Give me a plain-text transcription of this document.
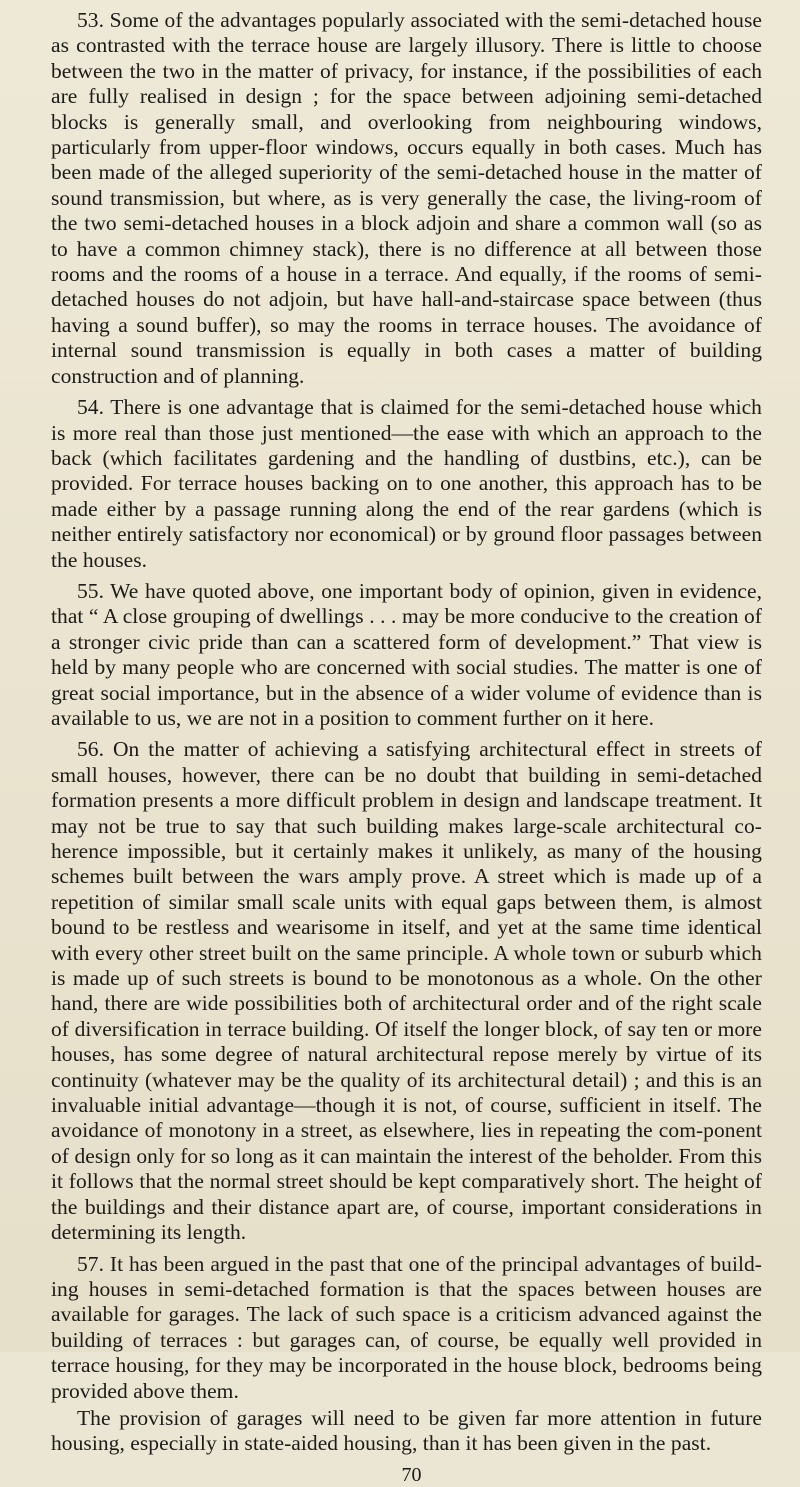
53. Some of the advantages popularly associated with the semi-detached house as contrasted with the terrace house are largely illusory. There is little to choose between the two in the matter of privacy, for instance, if the possibilities of each are fully realised in design ; for the space between adjoining semi-detached blocks is generally small, and overlooking from neighbouring windows, particularly from upper-floor windows, occurs equally in both cases. Much has been made of the alleged superiority of the semi-detached house in the matter of sound transmission, but where, as is very generally the case, the living-room of the two semi-detached houses in a block adjoin and share a common wall (so as to have a common chimney stack), there is no difference at all between those rooms and the rooms of a house in a terrace. And equally, if the rooms of semi-detached houses do not adjoin, but have hall-and-staircase space between (thus having a sound buffer), so may the rooms in terrace houses. The avoidance of internal sound transmission is equally in both cases a matter of building construction and of planning.

54. There is one advantage that is claimed for the semi-detached house which is more real than those just mentioned—the ease with which an approach to the back (which facilitates gardening and the handling of dustbins, etc.), can be provided. For terrace houses backing on to one another, this approach has to be made either by a passage running along the end of the rear gardens (which is neither entirely satisfactory nor economical) or by ground floor passages between the houses.

55. We have quoted above, one important body of opinion, given in evidence, that “ A close grouping of dwellings . . . may be more conducive to the creation of a stronger civic pride than can a scattered form of development.” That view is held by many people who are concerned with social studies. The matter is one of great social importance, but in the absence of a wider volume of evidence than is available to us, we are not in a position to comment further on it here.

56. On the matter of achieving a satisfying architectural effect in streets of small houses, however, there can be no doubt that building in semi-detached formation presents a more difficult problem in design and landscape treatment. It may not be true to say that such building makes large-scale architectural co-herence impossible, but it certainly makes it unlikely, as many of the housing schemes built between the wars amply prove. A street which is made up of a repetition of similar small scale units with equal gaps between them, is almost bound to be restless and wearisome in itself, and yet at the same time identical with every other street built on the same principle. A whole town or suburb which is made up of such streets is bound to be monotonous as a whole. On the other hand, there are wide possibilities both of architectural order and of the right scale of diversification in terrace building. Of itself the longer block, of say ten or more houses, has some degree of natural architectural repose merely by virtue of its continuity (whatever may be the quality of its architectural detail) ; and this is an invaluable initial advantage—though it is not, of course, sufficient in itself. The avoidance of monotony in a street, as elsewhere, lies in repeating the com-ponent of design only for so long as it can maintain the interest of the beholder. From this it follows that the normal street should be kept comparatively short. The height of the buildings and their distance apart are, of course, important considerations in determining its length.

57. It has been argued in the past that one of the principal advantages of build-ing houses in semi-detached formation is that the spaces between houses are available for garages. The lack of such space is a criticism advanced against the building of terraces : but garages can, of course, be equally well provided in terrace housing, for they may be incorporated in the house block, bedrooms being provided above them.

The provision of garages will need to be given far more attention in future housing, especially in state-aided housing, than it has been given in the past.

70
